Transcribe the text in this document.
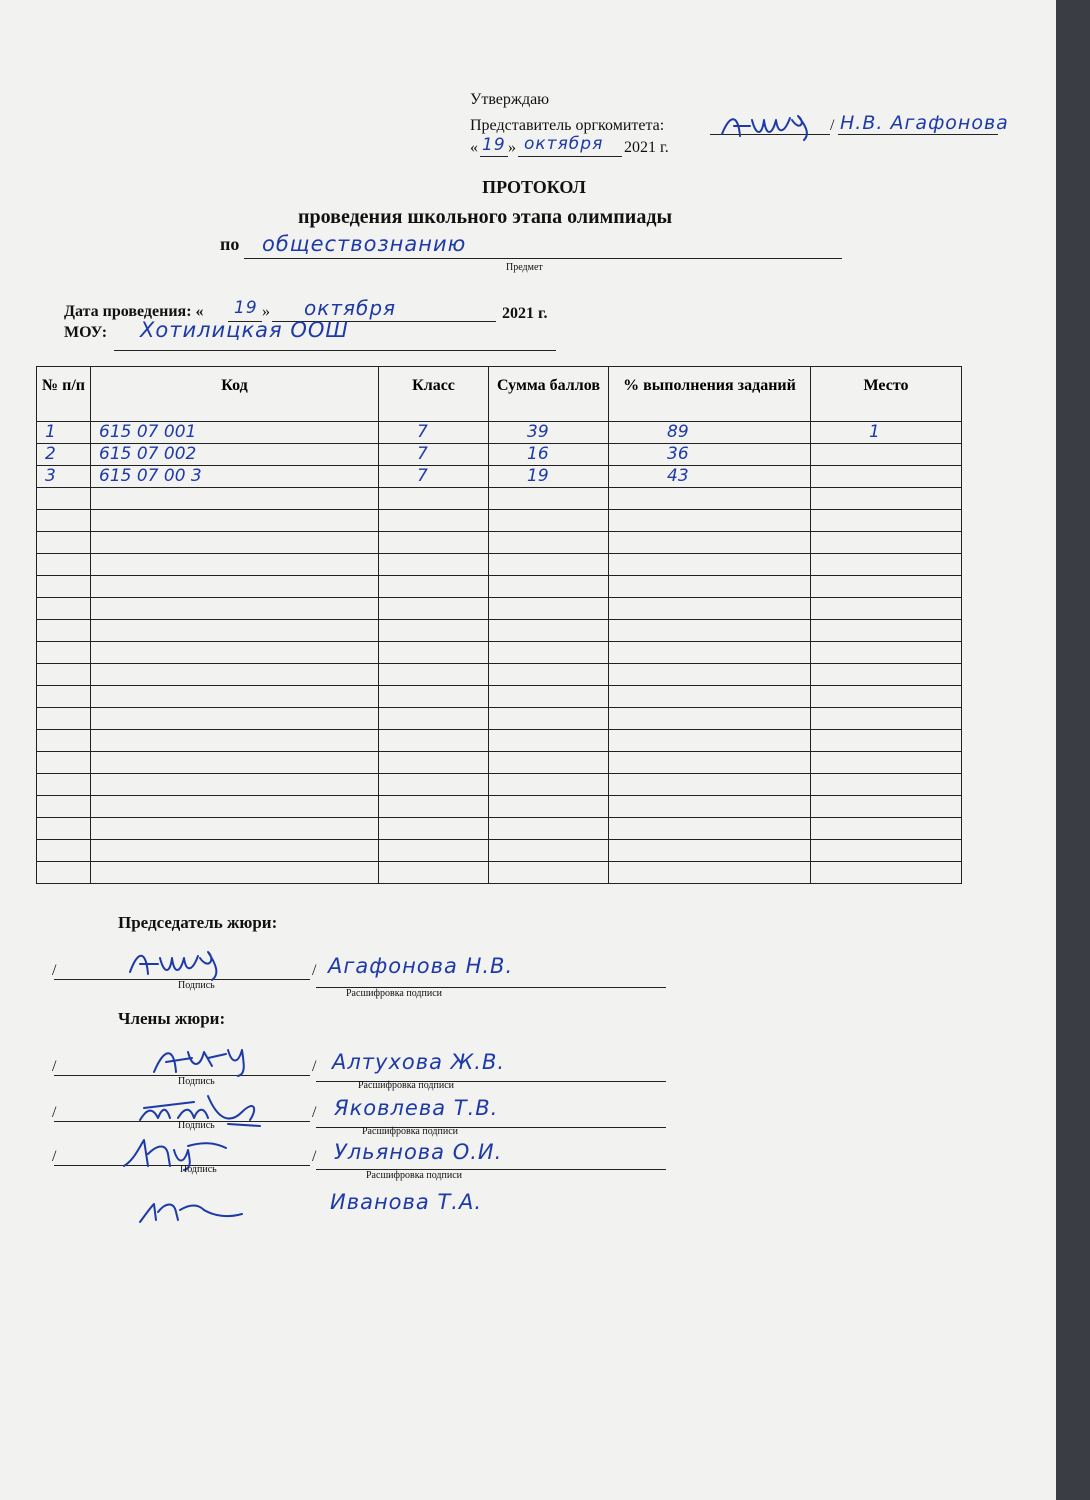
Утверждаю
Представитель оргкомитета:	/ Н.В. Агафонова
« 19 » октября 2021 г.
ПРОТОКОЛ
проведения школьного этапа олимпиады
по обществознанию
Предмет
Дата проведения: « 19 » октября	2021 г.
МОУ: Хотилицкая ООШ
№ п/п	Код	Класс	Сумма баллов	% выполнения заданий	Место
1	615 07 001	7	39	89	1
2	615 07 002	7	16	36	
3	615 07 00 3	7	19	43	

Председатель жюри:
/
Подпись
/ Агафонова Н.В.
Расшифровка подписи
Члены жюри:
/
Подпись
/ Алтухова Ж.В.
Расшифровка подписи
/
Подпись
/ Яковлева Т.В.
Расшифровка подписи
/
Подпись
/ Ульянова О.И.
Расшифровка подписи
Иванова Т.А.
